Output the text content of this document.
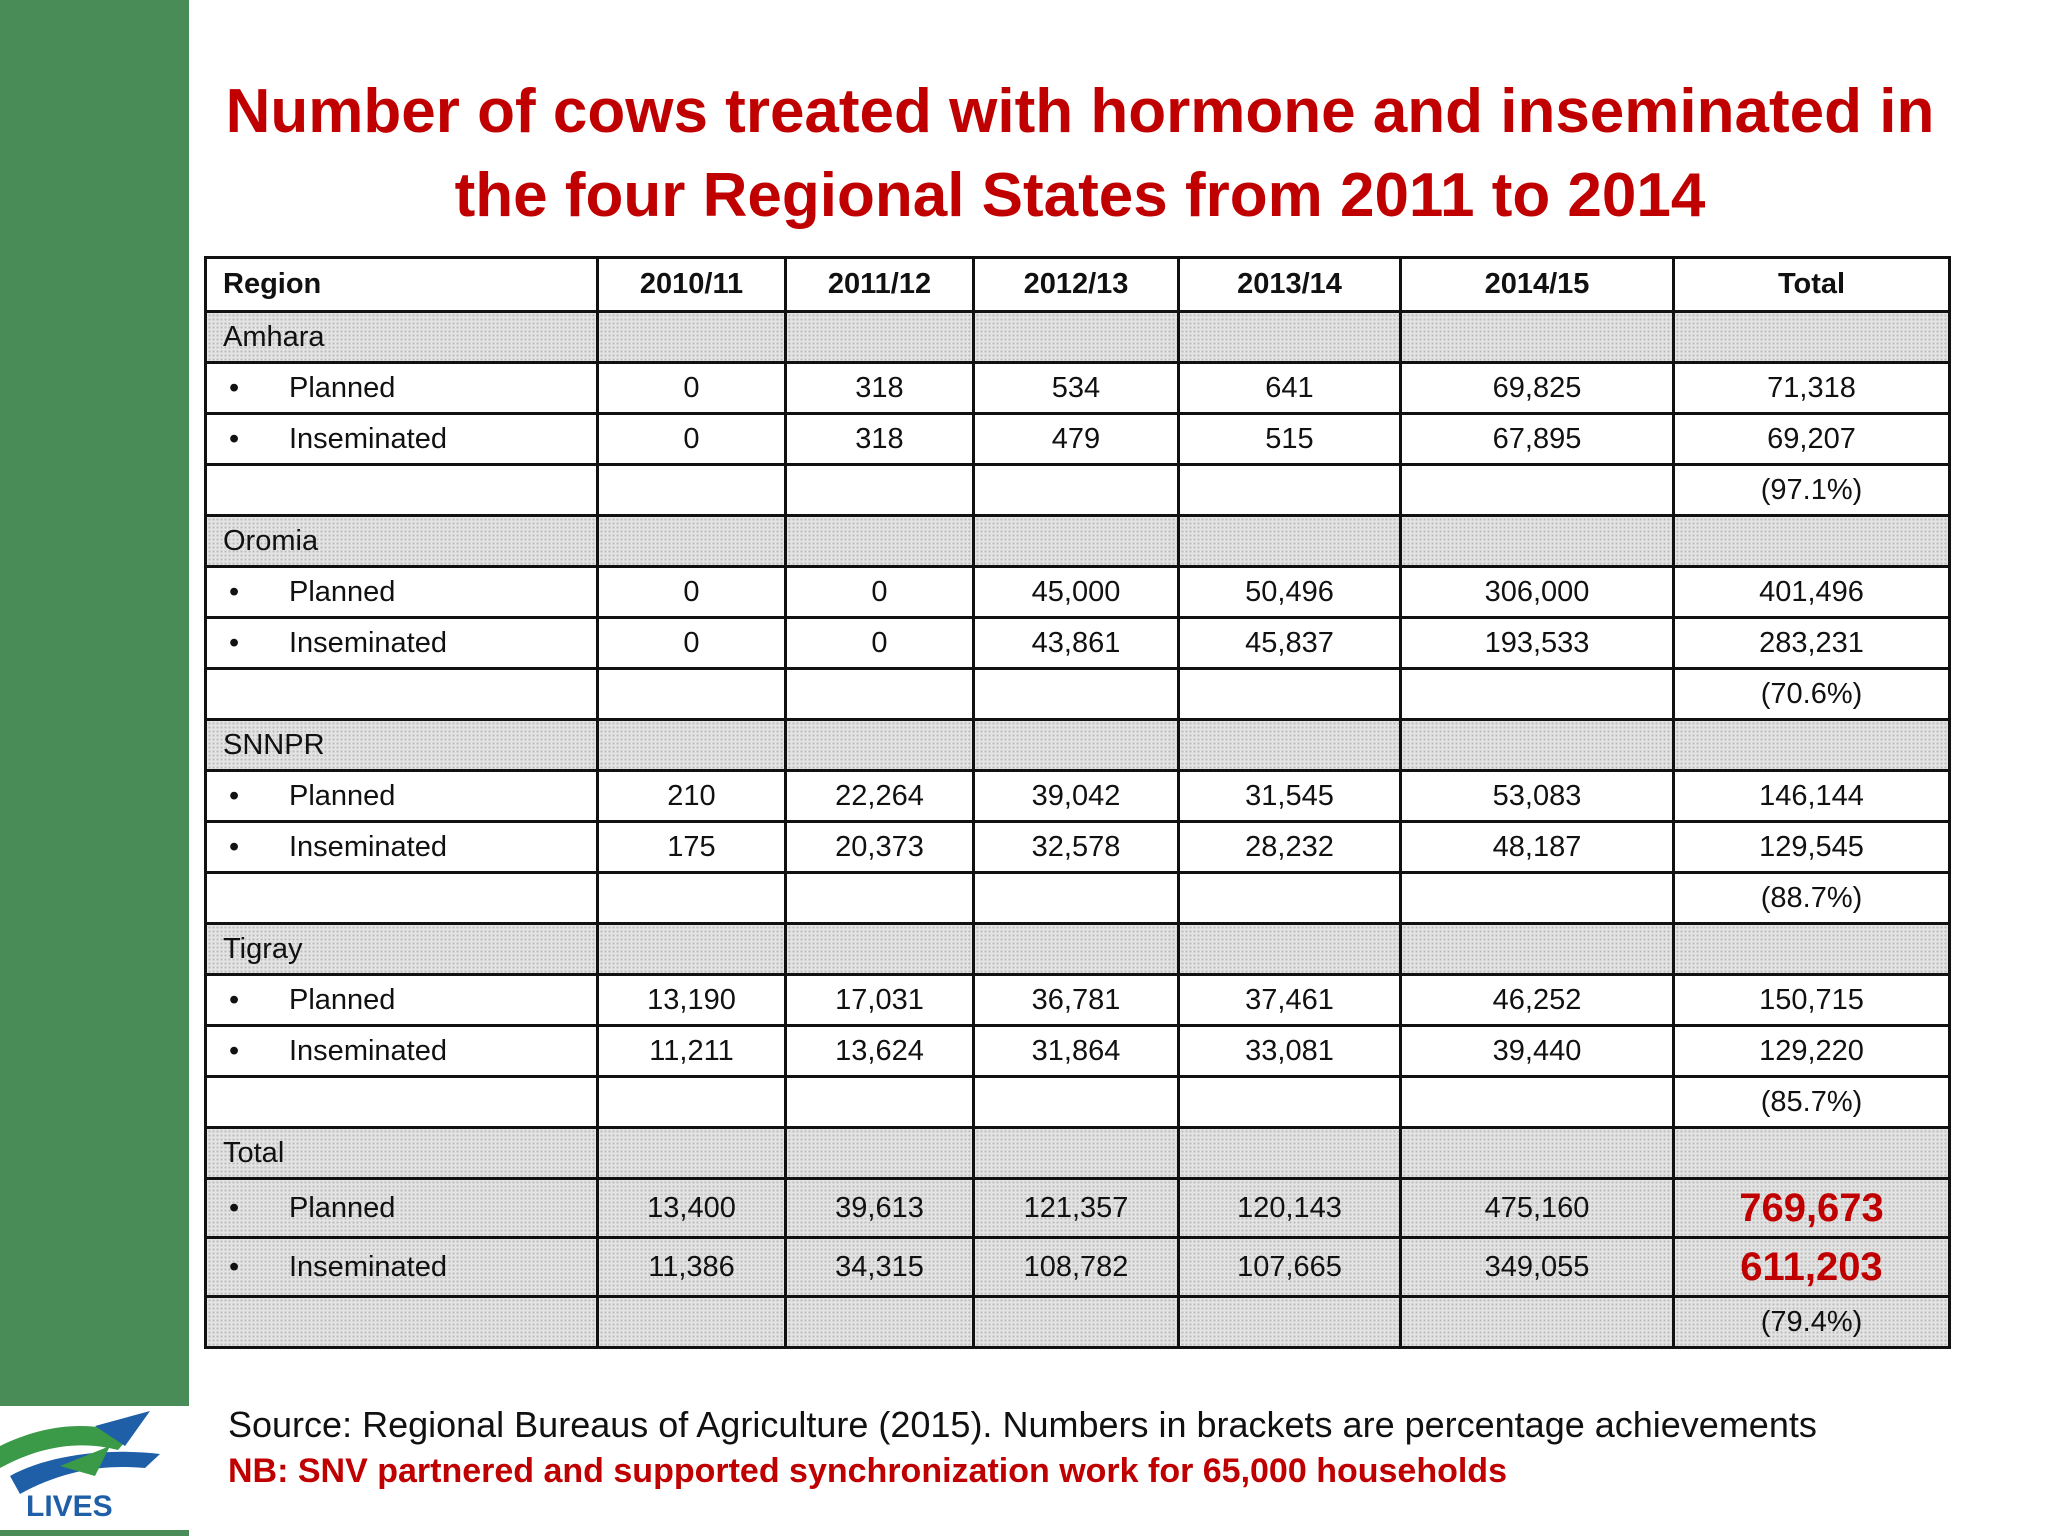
LIVES
Number of cows treated with hormone and inseminated in the four Regional States from 2011 to 2014
Region	2010/11	2011/12	2012/13	2013/14	2014/15	Total
Amhara						
• Planned	0	318	534	641	69,825	71,318
• Inseminated	0	318	479	515	67,895	69,207
						(97.1%)
Oromia						
• Planned	0	0	45,000	50,496	306,000	401,496
• Inseminated	0	0	43,861	45,837	193,533	283,231
						(70.6%)
SNNPR						
• Planned	210	22,264	39,042	31,545	53,083	146,144
• Inseminated	175	20,373	32,578	28,232	48,187	129,545
						(88.7%)
Tigray						
• Planned	13,190	17,031	36,781	37,461	46,252	150,715
• Inseminated	11,211	13,624	31,864	33,081	39,440	129,220
						(85.7%)
Total						
• Planned	13,400	39,613	121,357	120,143	475,160	769,673
• Inseminated	11,386	34,315	108,782	107,665	349,055	611,203
						(79.4%)
Source: Regional Bureaus of Agriculture (2015). Numbers in brackets are percentage achievements
NB: SNV partnered and supported synchronization work for 65,000 households
